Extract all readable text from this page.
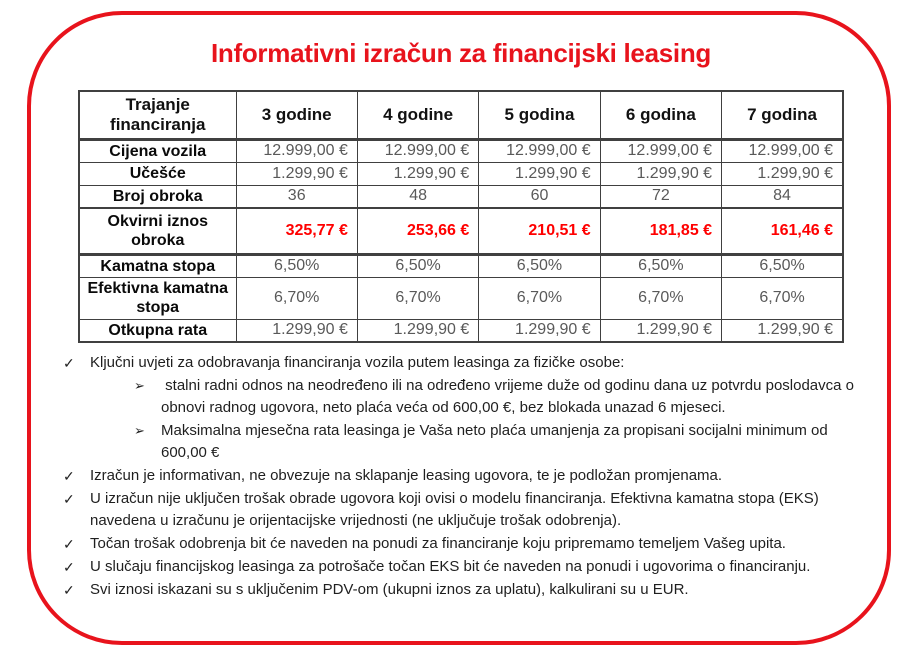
Informativni izračun za financijski leasing
Trajanje financiranja	3 godine	4 godine	5 godina	6 godina	7 godina
Cijena vozila	12.999,00 €	12.999,00 €	12.999,00 €	12.999,00 €	12.999,00 €
Učešće	1.299,90 €	1.299,90 €	1.299,90 €	1.299,90 €	1.299,90 €
Broj obroka	36	48	60	72	84
Okvirni iznos obroka	325,77 €	253,66 €	210,51 €	181,85 €	161,46 €
Kamatna stopa	6,50%	6,50%	6,50%	6,50%	6,50%
Efektivna kamatna stopa	6,70%	6,70%	6,70%	6,70%	6,70%
Otkupna rata	1.299,90 €	1.299,90 €	1.299,90 €	1.299,90 €	1.299,90 €
✓	Ključni uvjeti za odobravanja financiranja vozila putem leasinga za fizičke osobe:
➢	stalni radni odnos na neodređeno ili na određeno vrijeme duže od godinu dana uz potvrdu poslodavca o obnovi radnog ugovora, neto plaća veća od 600,00 €, bez blokada unazad 6 mjeseci.
➢	Maksimalna mjesečna rata leasinga je Vaša neto plaća umanjenja za propisani socijalni minimum od 600,00 €
✓	Izračun je informativan, ne obvezuje na sklapanje leasing ugovora, te je podložan promjenama.
✓	U izračun nije uključen trošak obrade ugovora koji ovisi o modelu financiranja. Efektivna kamatna stopa (EKS) navedena u izračunu je orijentacijske vrijednosti (ne uključuje trošak odobrenja).
✓	Točan trošak odobrenja bit će naveden na ponudi za financiranje koju pripremamo temeljem Vašeg upita.
✓	U slučaju financijskog leasinga za potrošače točan EKS bit će naveden na ponudi i ugovorima o financiranju.
✓	Svi iznosi iskazani su s uključenim PDV-om (ukupni iznos za uplatu), kalkulirani su u EUR.
